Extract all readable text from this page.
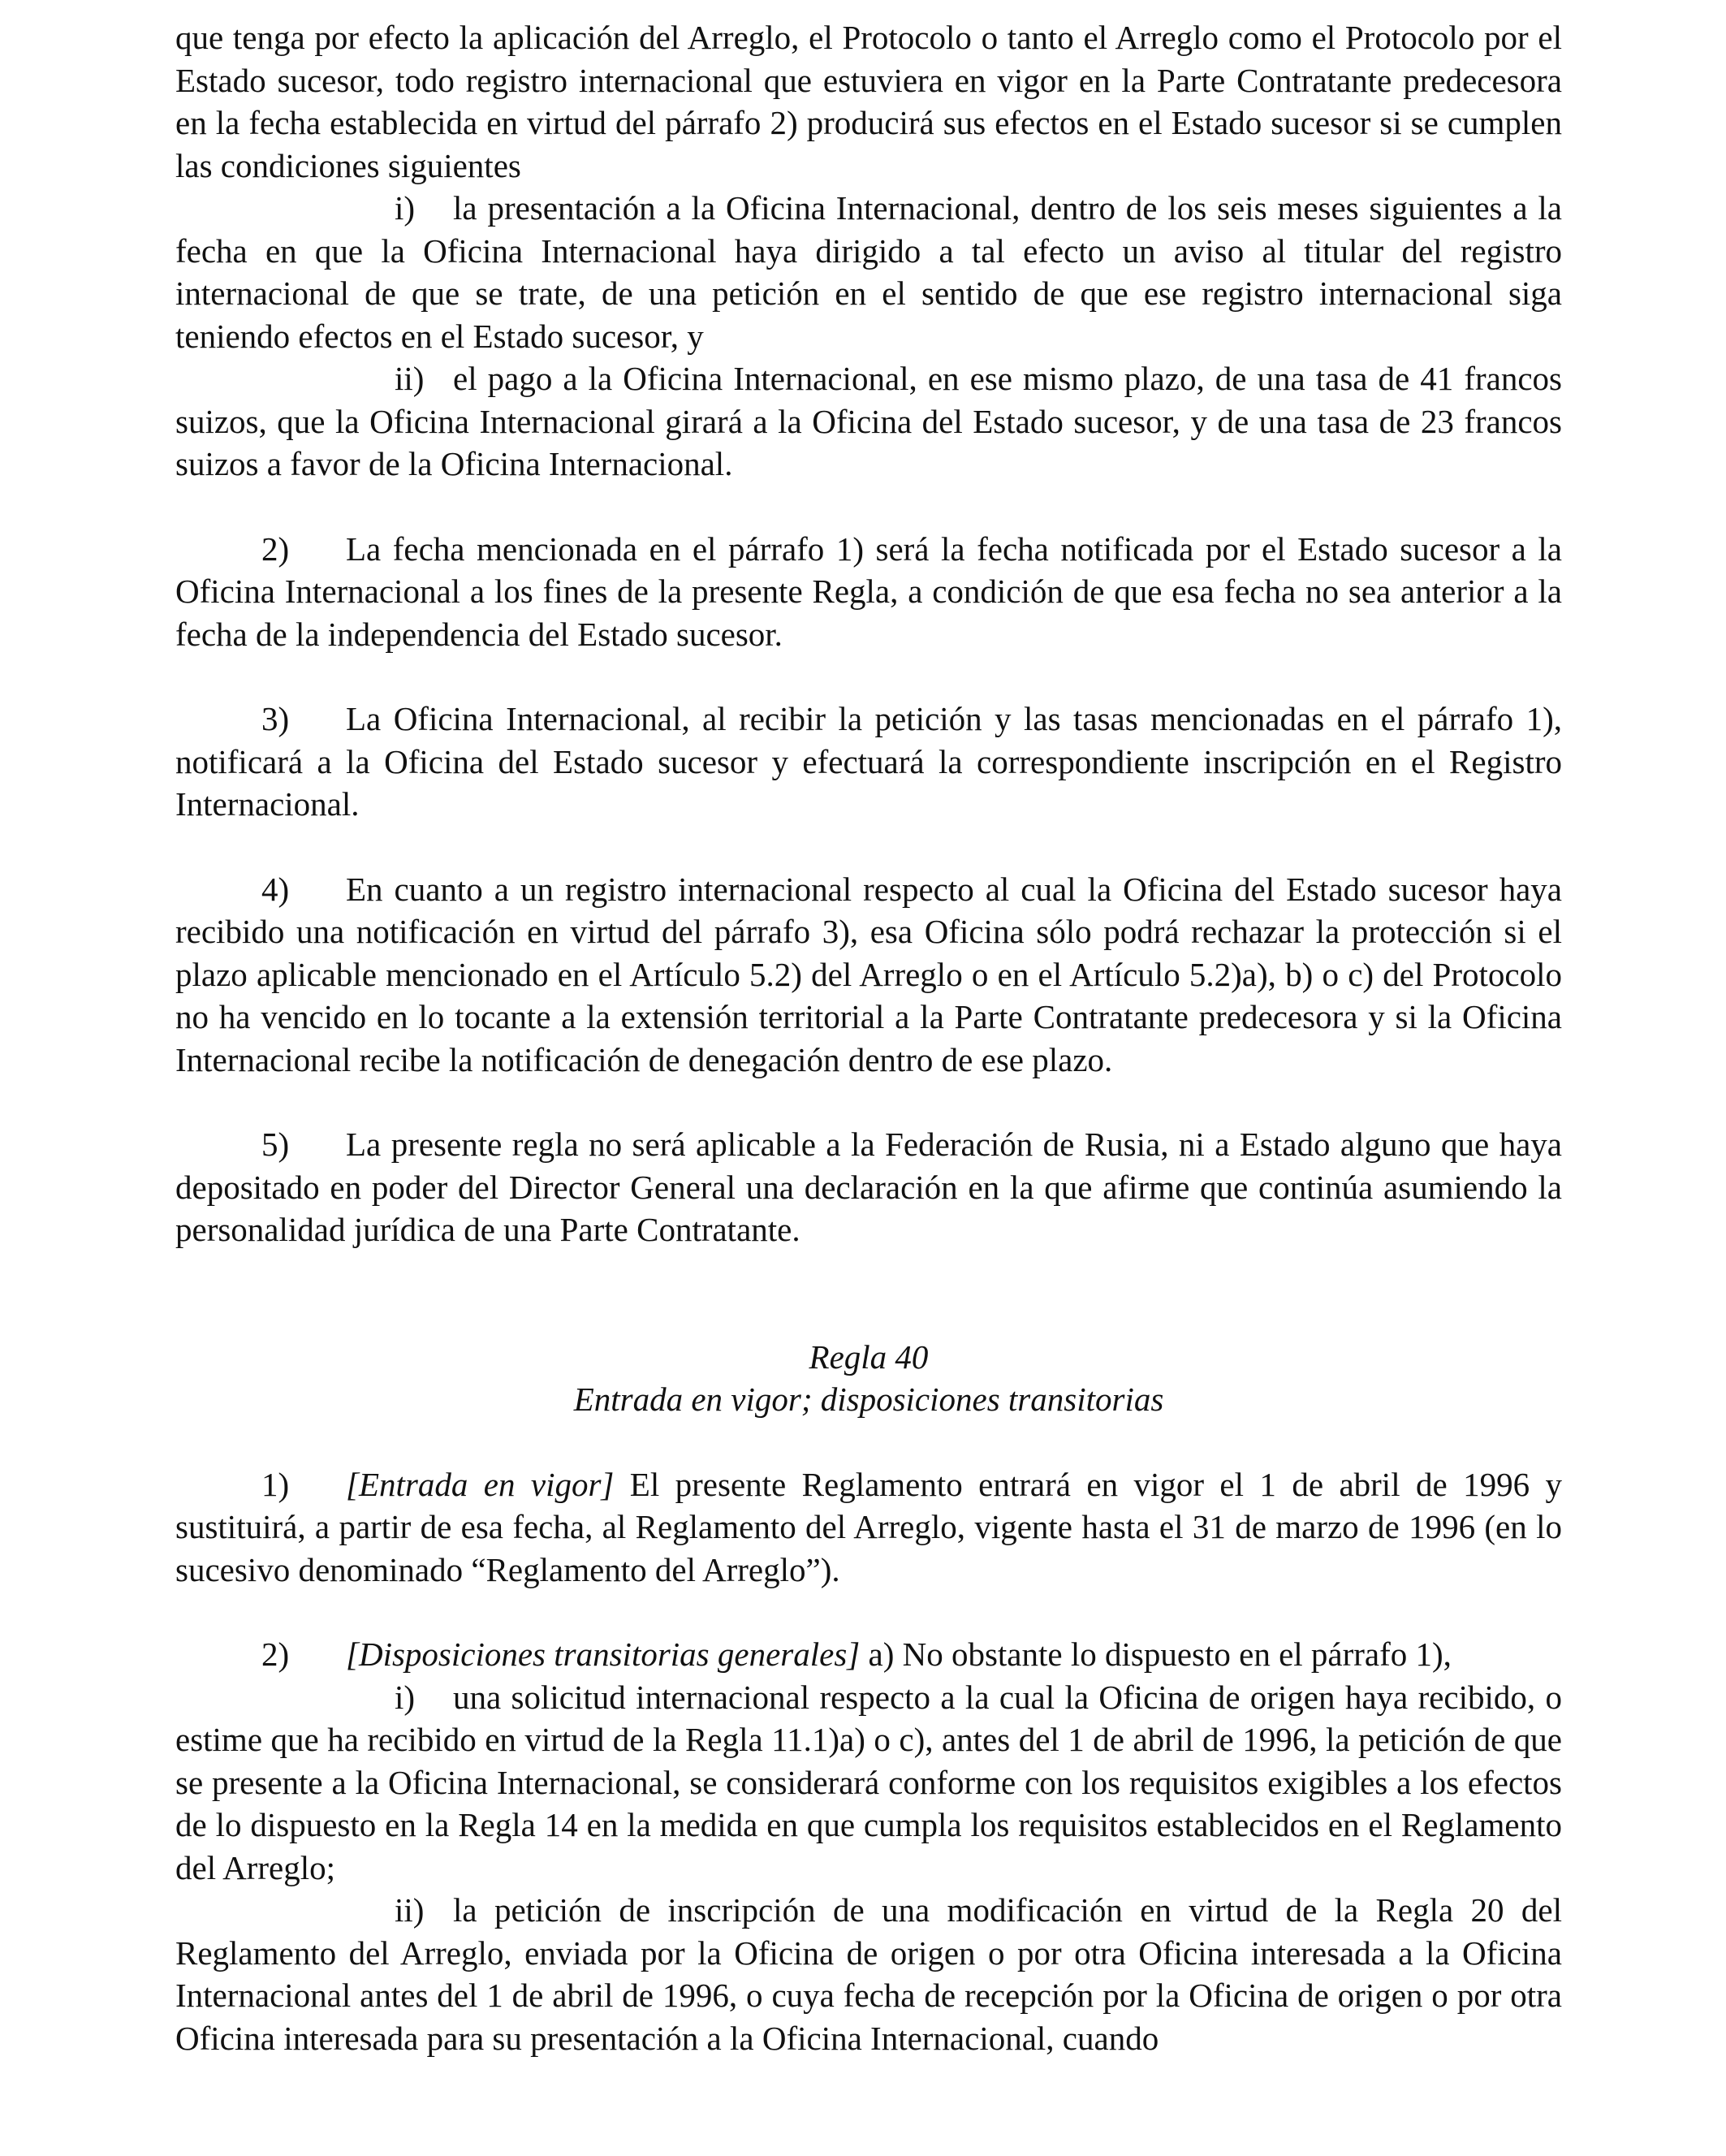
que tenga por efecto la aplicación del Arreglo, el Protocolo o tanto el Arreglo como el Protocolo por el Estado sucesor, todo registro internacional que estuviera en vigor en la Parte Contratante predecesora en la fecha establecida en virtud del párrafo 2) producirá sus efectos en el Estado sucesor si se cumplen las condiciones siguientes

i) la presentación a la Oficina Internacional, dentro de los seis meses siguientes a la fecha en que la Oficina Internacional haya dirigido a tal efecto un aviso al titular del registro internacional de que se trate, de una petición en el sentido de que ese registro internacional siga teniendo efectos en el Estado sucesor, y

ii) el pago a la Oficina Internacional, en ese mismo plazo, de una tasa de 41 francos suizos, que la Oficina Internacional girará a la Oficina del Estado sucesor, y de una tasa de 23 francos suizos a favor de la Oficina Internacional.

2) La fecha mencionada en el párrafo 1) será la fecha notificada por el Estado sucesor a la Oficina Internacional a los fines de la presente Regla, a condición de que esa fecha no sea anterior a la fecha de la independencia del Estado sucesor.

3) La Oficina Internacional, al recibir la petición y las tasas mencionadas en el párrafo 1), notificará a la Oficina del Estado sucesor y efectuará la correspondiente inscripción en el Registro Internacional.

4) En cuanto a un registro internacional respecto al cual la Oficina del Estado sucesor haya recibido una notificación en virtud del párrafo 3), esa Oficina sólo podrá rechazar la protección si el plazo aplicable mencionado en el Artículo 5.2) del Arreglo o en el Artículo 5.2)a), b) o c) del Protocolo no ha vencido en lo tocante a la extensión territorial a la Parte Contratante predecesora y si la Oficina Internacional recibe la notificación de denegación dentro de ese plazo.

5) La presente regla no será aplicable a la Federación de Rusia, ni a Estado alguno que haya depositado en poder del Director General una declaración en la que afirme que continúa asumiendo la personalidad jurídica de una Parte Contratante.

Regla 40

Entrada en vigor; disposiciones transitorias

1) [Entrada en vigor] El presente Reglamento entrará en vigor el 1 de abril de 1996 y sustituirá, a partir de esa fecha, al Reglamento del Arreglo, vigente hasta el 31 de marzo de 1996 (en lo sucesivo denominado “Reglamento del Arreglo”).

2) [Disposiciones transitorias generales] a) No obstante lo dispuesto en el párrafo 1),

i) una solicitud internacional respecto a la cual la Oficina de origen haya recibido, o estime que ha recibido en virtud de la Regla 11.1)a) o c), antes del 1 de abril de 1996, la petición de que se presente a la Oficina Internacional, se considerará conforme con los requisitos exigibles a los efectos de lo dispuesto en la Regla 14 en la medida en que cumpla los requisitos establecidos en el Reglamento del Arreglo;

ii) la petición de inscripción de una modificación en virtud de la Regla 20 del Reglamento del Arreglo, enviada por la Oficina de origen o por otra Oficina interesada a la Oficina Internacional antes del 1 de abril de 1996, o cuya fecha de recepción por la Oficina de origen o por otra Oficina interesada para su presentación a la Oficina Internacional, cuando
